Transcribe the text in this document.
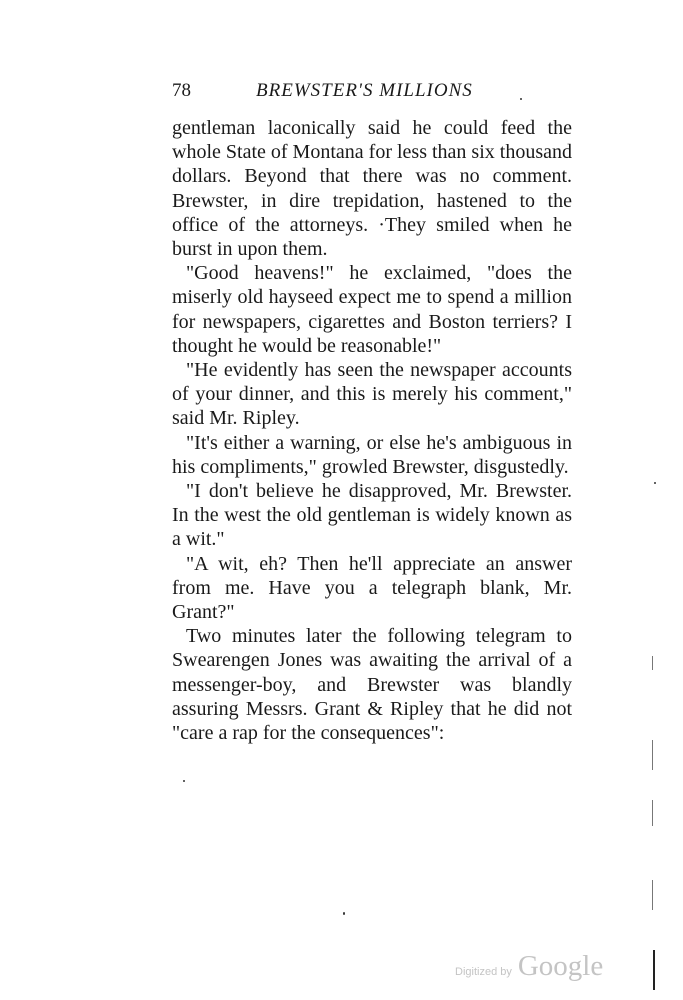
78	BREWSTER'S MILLIONS

gentleman laconically said he could feed the whole State of Montana for less than six thousand dollars. Beyond that there was no comment. Brewster, in dire trepidation, hastened to the office of the attorneys. ·They smiled when he burst in upon them.

"Good heavens!" he exclaimed, "does the miserly old hayseed expect me to spend a million for newspapers, cigarettes and Boston terriers? I thought he would be reasonable!"

"He evidently has seen the newspaper accounts of your dinner, and this is merely his comment," said Mr. Ripley.

"It's either a warning, or else he's ambiguous in his compliments," growled Brewster, disgustedly.

"I don't believe he disapproved, Mr. Brewster. In the west the old gentleman is widely known as a wit."

"A wit, eh? Then he'll appreciate an answer from me. Have you a telegraph blank, Mr. Grant?"

Two minutes later the following telegram to Swearengen Jones was awaiting the arrival of a messenger-boy, and Brewster was blandly assuring Messrs. Grant & Ripley that he did not "care a rap for the consequences":

Digitized by Google
